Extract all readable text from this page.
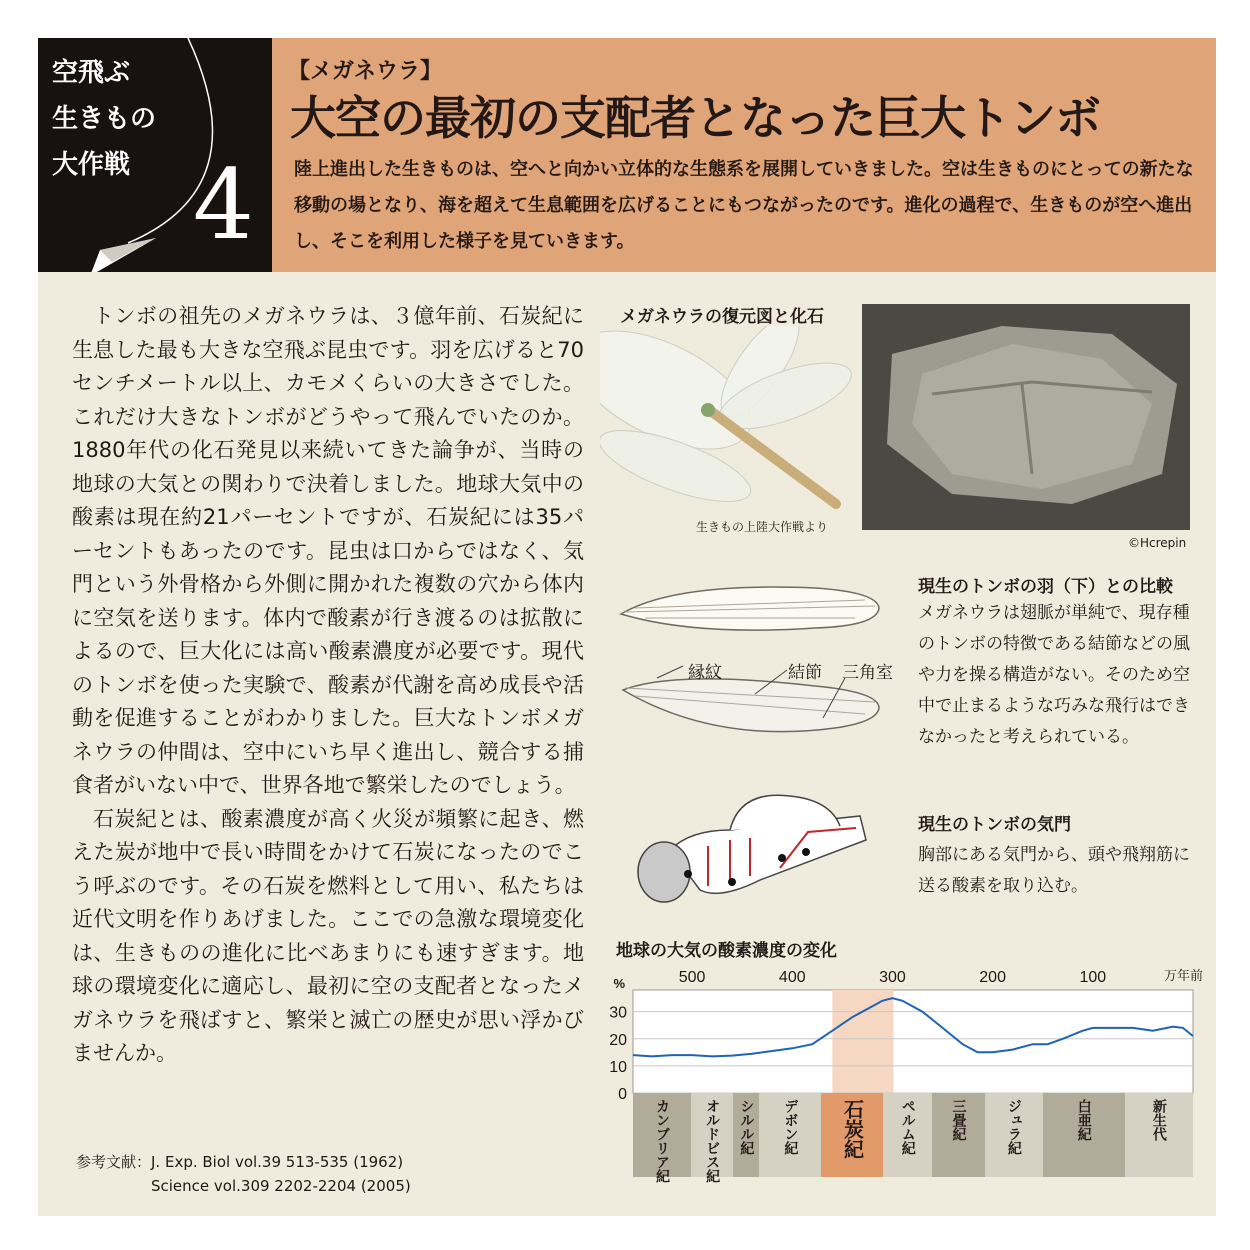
空飛ぶ
生きもの
大作戦 4
【メガネウラ】
大空の最初の支配者となった巨大トンボ
陸上進出した生きものは、空へと向かい立体的な生態系を展開していきました。空は生きものにとっての新たな移動の場となり、海を超えて生息範囲を広げることにもつながったのです。進化の過程で、生きものが空へ進出し、そこを利用した様子を見ていきます。

トンボの祖先のメガネウラは、３億年前、石炭紀に生息した最も大きな空飛ぶ昆虫です。羽を広げると70センチメートル以上、カモメくらいの大きさでした。これだけ大きなトンボがどうやって飛んでいたのか。1880年代の化石発見以来続いてきた論争が、当時の地球の大気との関わりで決着しました。地球大気中の酸素は現在約21パーセントですが、石炭紀には35パーセントもあったのです。昆虫は口からではなく、気門という外骨格から外側に開かれた複数の穴から体内に空気を送ります。体内で酸素が行き渡るのは拡散によるので、巨大化には高い酸素濃度が必要です。現代のトンボを使った実験で、酸素が代謝を高め成長や活動を促進することがわかりました。巨大なトンボメガネウラの仲間は、空中にいち早く進出し、競合する捕食者がいない中で、世界各地で繁栄したのでしょう。

石炭紀とは、酸素濃度が高く火災が頻繁に起き、燃えた炭が地中で長い時間をかけて石炭になったのでこう呼ぶのです。その石炭を燃料として用い、私たちは近代文明を作りあげました。ここでの急激な環境変化は、生きものの進化に比べあまりにも速すぎます。地球の環境変化に適応し、最初に空の支配者となったメガネウラを飛ばすと、繁栄と滅亡の歴史が思い浮かびませんか。

参考文献：J. Exp. Biol vol.39 513-535 (1962)
　　　　　Science vol.309 2202-2204 (2005)
メガネウラの復元図と化石
生きもの上陸大作戦より
©Hcrepin
縁紋	結節 三角室
現生のトンボの羽（下）との比較
メガネウラは翅脈が単純で、現存種のトンボの特徴である結節などの風や力を操る構造がない。そのため空中で止まるような巧みな飛行はできなかったと考えられている。
現生のトンボの気門
胸部にある気門から、頭や飛翔筋に送る酸素を取り込む。
地球の大気の酸素濃度の変化
0
10
20
30
500	400	300	200	100
%
万年前
カンブリア紀 オルドビス紀 シルル紀 デボン紀 石炭紀	ペルム紀 三畳紀	ジュラ紀	白亜紀	新生代
